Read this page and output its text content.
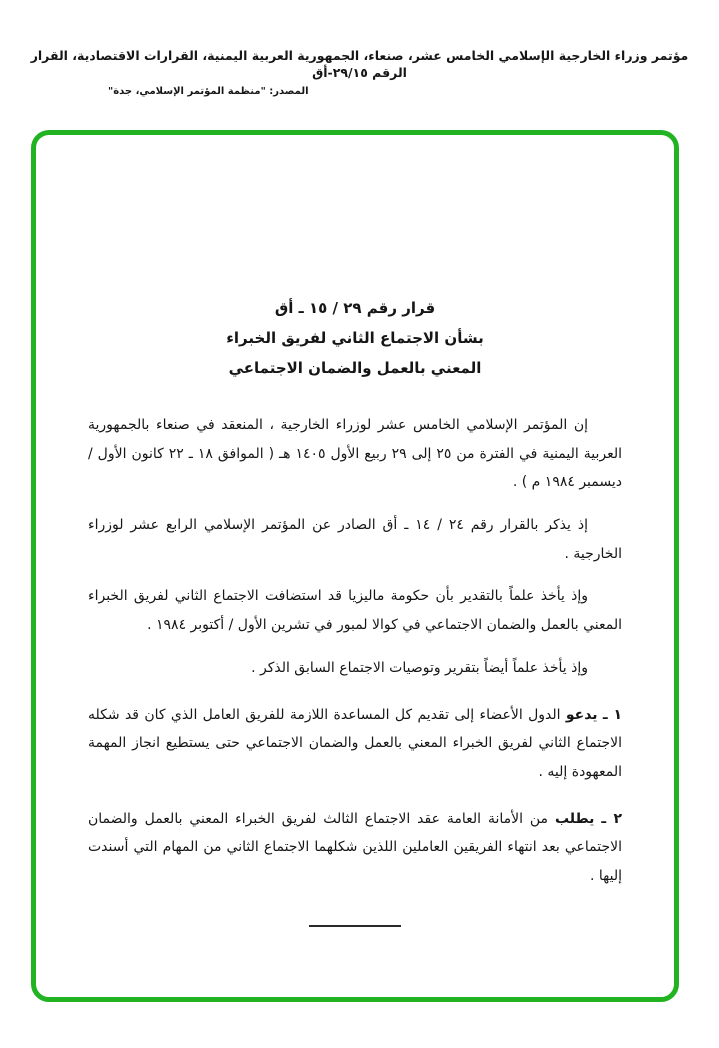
مؤتمر وزراء الخارجية الإسلامي الخامس عشر، صنعاء، الجمهورية العربية اليمنية، القرارات الاقتصادية، القرار الرقم ٢٩/١٥-أق
المصدر: "منظمة المؤتمر الإسلامي، جدة"
قرار رقم ٢٩ / ١٥ ـ أق
بشأن الاجتماع الثاني لفريق الخبراء
المعني بالعمل والضمان الاجتماعي

إن المؤتمر الإسلامي الخامس عشر لوزراء الخارجية ، المنعقد في صنعاء بالجمهورية العربية اليمنية في الفترة من ٢٥ إلى ٢٩ ربيع الأول ١٤٠٥ هـ ( الموافق ١٨ ـ ٢٢ كانون الأول / ديسمبر ١٩٨٤ م ) .

إذ يذكر بالقرار رقم ٢٤ / ١٤ ـ أق الصادر عن المؤتمر الإسلامي الرابع عشر لوزراء الخارجية .

وإذ يأخذ علماً بالتقدير بأن حكومة ماليزيا قد استضافت الاجتماع الثاني لفريق الخبراء المعني بالعمل والضمان الاجتماعي في كوالا لمبور في تشرين الأول / أكتوبر ١٩٨٤ .

وإذ يأخذ علماً أيضاً بتقرير وتوصيات الاجتماع السابق الذكر .

١ ـ يدعو الدول الأعضاء إلى تقديم كل المساعدة اللازمة للفريق العامل الذي كان قد شكله الاجتماع الثاني لفريق الخبراء المعني بالعمل والضمان الاجتماعي حتى يستطيع انجاز المهمة المعهودة إليه .

٢ ـ يطلب من الأمانة العامة عقد الاجتماع الثالث لفريق الخبراء المعني بالعمل والضمان الاجتماعي بعد انتهاء الفريقين العاملين اللذين شكلهما الاجتماع الثاني من المهام التي أسندت إليها .
